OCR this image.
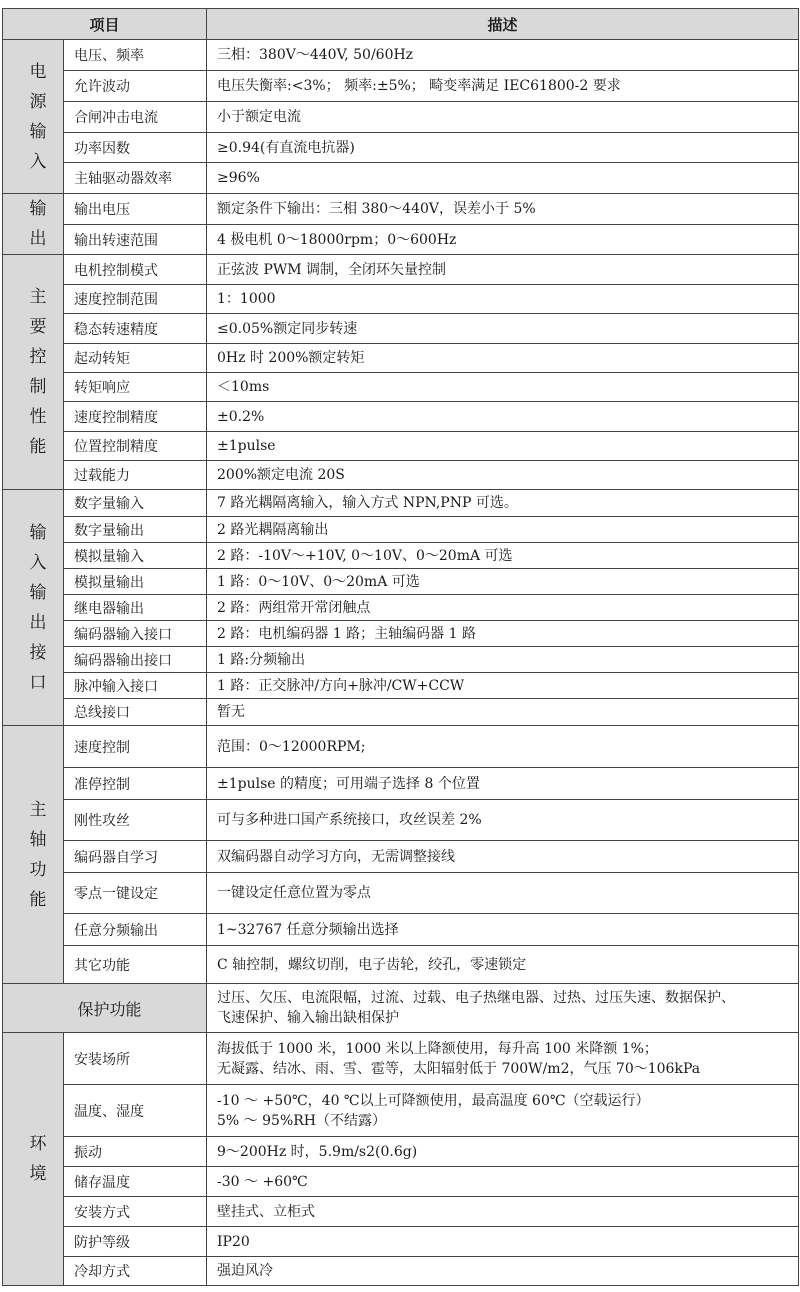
项目		描述
电源输入	电压、频率	三相：380V～440V, 50/60Hz

	允许波动	电压失衡率:<3%； 频率:±5%； 畸变率满足 IEC61800-2 要求

	合闸冲击电流	小于额定电流

	功率因数	≥0.94(有直流电抗器)

	主轴驱动器效率	≥96%

输出	输出电压	额定条件下输出：三相 380～440V，误差小于 5%

	输出转速范围	4 极电机 0～18000rpm；0～600Hz

主要控制性能	电机控制模式	正弦波 PWM 调制，全闭环矢量控制

	速度控制范围	1：1000

	稳态转速精度	≤0.05%额定同步转速

	起动转矩	0Hz 时 200%额定转矩

	转矩响应	＜10ms

	速度控制精度	±0.2%

	位置控制精度	±1pulse

	过载能力	200%额定电流 20S

输入输出接口	数字量输入	7 路光耦隔离输入，输入方式 NPN,PNP 可选。

	数字量输出	2 路光耦隔离输出

	模拟量输入	2 路：-10V～+10V, 0～10V、0～20mA 可选

	模拟量输出	1 路：0～10V、0～20mA 可选

	继电器输出	2 路：两组常开常闭触点

	编码器输入接口	2 路：电机编码器 1 路；主轴编码器 1 路

	编码器输出接口	1 路:分频输出

	脉冲输入接口	1 路：正交脉冲/方向+脉冲/CW+CCW

	总线接口	暂无

主轴功能	速度控制	范围：0～12000RPM;

	准停控制	±1pulse 的精度；可用端子选择 8 个位置

	刚性攻丝	可与多种进口国产系统接口，攻丝误差 2%

	编码器自学习	双编码器自动学习方向，无需调整接线

	零点一键设定	一键设定任意位置为零点

	任意分频输出	1~32767 任意分频输出选择

	其它功能	C 轴控制，螺纹切削，电子齿轮，绞孔，零速锁定

保护功能		过压、欠压、电流限幅，过流、过载、电子热继电器、过热、过压失速、数据保护、
飞速保护、输入输出缺相保护

环境	安装场所	海拔低于 1000 米，1000 米以上降额使用，每升高 100 米降额 1%；
无凝露、结冰、雨、雪、雹等，太阳辐射低于 700W/m2，气压 70～106kPa

	温度、湿度	-10 ～ +50℃，40 ℃以上可降额使用，最高温度 60℃（空载运行）
5% ～ 95%RH（不结露）

	振动	9～200Hz 时，5.9m/s2(0.6g)

	储存温度	-30 ～ +60℃

	安装方式	壁挂式、立柜式

	防护等级	IP20

	冷却方式	强迫风冷
